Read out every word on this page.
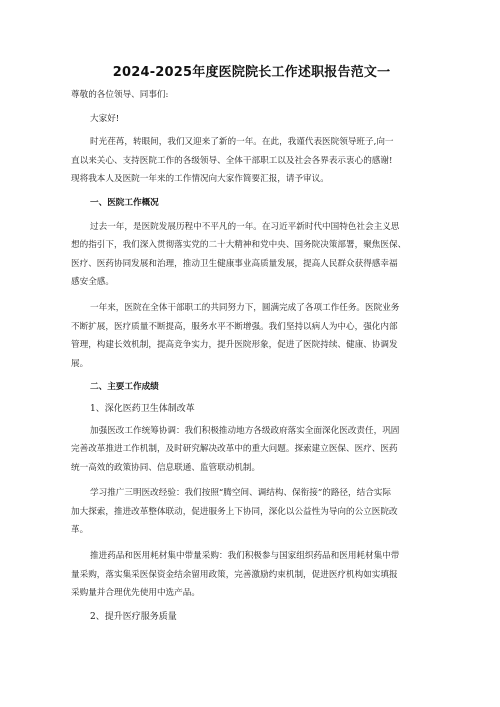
2024-2025年度医院院长工作述职报告范文一
尊敬的各位领导、同事们:
大家好!
时光荏苒，转眼间，我们又迎来了新的一年。在此，我谨代表医院领导班子,向一
直以来关心、支持医院工作的各级领导、全体干部职工以及社会各界表示衷心的感谢!
现将我本人及医院一年来的工作情况向大家作简要汇报，请予审议。
一、医院工作概况
过去一年，是医院发展历程中不平凡的一年。在习近平新时代中国特色社会主义思
想的指引下，我们深入贯彻落实党的二十大精神和党中央、国务院决策部署，聚焦医保、
医疗、医药协同发展和治理，推动卫生健康事业高质量发展，提高人民群众获得感幸福
感安全感。
一年来，医院在全体干部职工的共同努力下，圆满完成了各项工作任务。医院业务
不断扩展，医疗质量不断提高，服务水平不断增强。我们坚持以病人为中心，强化内部
管理，构建长效机制，提高竞争实力，提升医院形象，促进了医院持续、健康、协调发
展。
二、主要工作成绩
1、深化医药卫生体制改革
加强医改工作统筹协调：我们积极推动地方各级政府落实全面深化医改责任，巩固
完善改革推进工作机制，及时研究解决改革中的重大问题。探索建立医保、医疗、医药
统一高效的政策协同、信息联通、监管联动机制。
学习推广三明医改经验：我们按照“腾空间、调结构、保衔接”的路径，结合实际
加大探索，推进改革整体联动，促进服务上下协同，深化以公益性为导向的公立医院改
革。
推进药品和医用耗材集中带量采购：我们积极参与国家组织药品和医用耗材集中带
量采购，落实集采医保资金结余留用政策，完善激励约束机制，促进医疗机构如实填报
采购量并合理优先使用中选产品。
2、提升医疗服务质量
